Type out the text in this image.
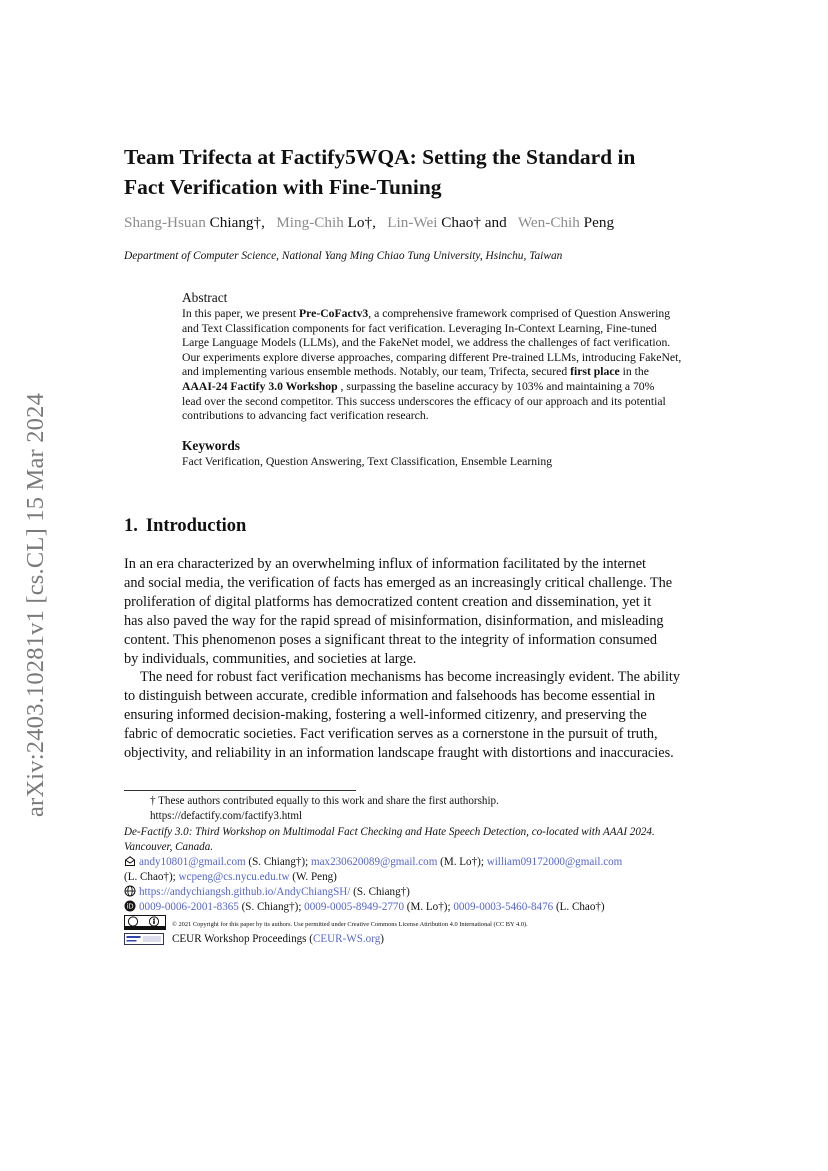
arXiv:2403.10281v1 [cs.CL] 15 Mar 2024
Team Trifecta at Factify5WQA: Setting the Standard in
Fact Verification with Fine-Tuning
Shang-Hsuan Chiang†,   Ming-Chih Lo†,   Lin-Wei Chao† and   Wen-Chih Peng
Department of Computer Science, National Yang Ming Chiao Tung University, Hsinchu, Taiwan
Abstract
In this paper, we present Pre-CoFactv3, a comprehensive framework comprised of Question Answering
and Text Classification components for fact verification. Leveraging In-Context Learning, Fine-tuned
Large Language Models (LLMs), and the FakeNet model, we address the challenges of fact verification.
Our experiments explore diverse approaches, comparing different Pre-trained LLMs, introducing FakeNet,
and implementing various ensemble methods. Notably, our team, Trifecta, secured first place in the
AAAI-24 Factify 3.0 Workshop , surpassing the baseline accuracy by 103% and maintaining a 70%
lead over the second competitor. This success underscores the efficacy of our approach and its potential
contributions to advancing fact verification research.
Keywords
Fact Verification, Question Answering, Text Classification, Ensemble Learning
1. Introduction
In an era characterized by an overwhelming influx of information facilitated by the internet
and social media, the verification of facts has emerged as an increasingly critical challenge. The
proliferation of digital platforms has democratized content creation and dissemination, yet it
has also paved the way for the rapid spread of misinformation, disinformation, and misleading
content. This phenomenon poses a significant threat to the integrity of information consumed
by individuals, communities, and societies at large.
The need for robust fact verification mechanisms has become increasingly evident. The ability
to distinguish between accurate, credible information and falsehoods has become essential in
ensuring informed decision-making, fostering a well-informed citizenry, and preserving the
fabric of democratic societies. Fact verification serves as a cornerstone in the pursuit of truth,
objectivity, and reliability in an information landscape fraught with distortions and inaccuracies.
† These authors contributed equally to this work and share the first authorship.
https://defactify.com/factify3.html
De-Factify 3.0: Third Workshop on Multimodal Fact Checking and Hate Speech Detection, co-located with AAAI 2024.
Vancouver, Canada.
andy10801@gmail.com (S. Chiang†); max230620089@gmail.com (M. Lo†); william09172000@gmail.com
(L. Chao†); wcpeng@cs.nycu.edu.tw (W. Peng)
https://andychiangsh.github.io/AndyChiangSH/ (S. Chiang†)
iD 0009-0006-2001-8365 (S. Chiang†); 0009-0005-8949-2770 (M. Lo†); 0009-0003-5460-8476 (L. Chao†)
© 2021 Copyright for this paper by its authors. Use permitted under Creative Commons License Attribution 4.0 International (CC BY 4.0).
CEUR Workshop Proceedings (CEUR-WS.org)
